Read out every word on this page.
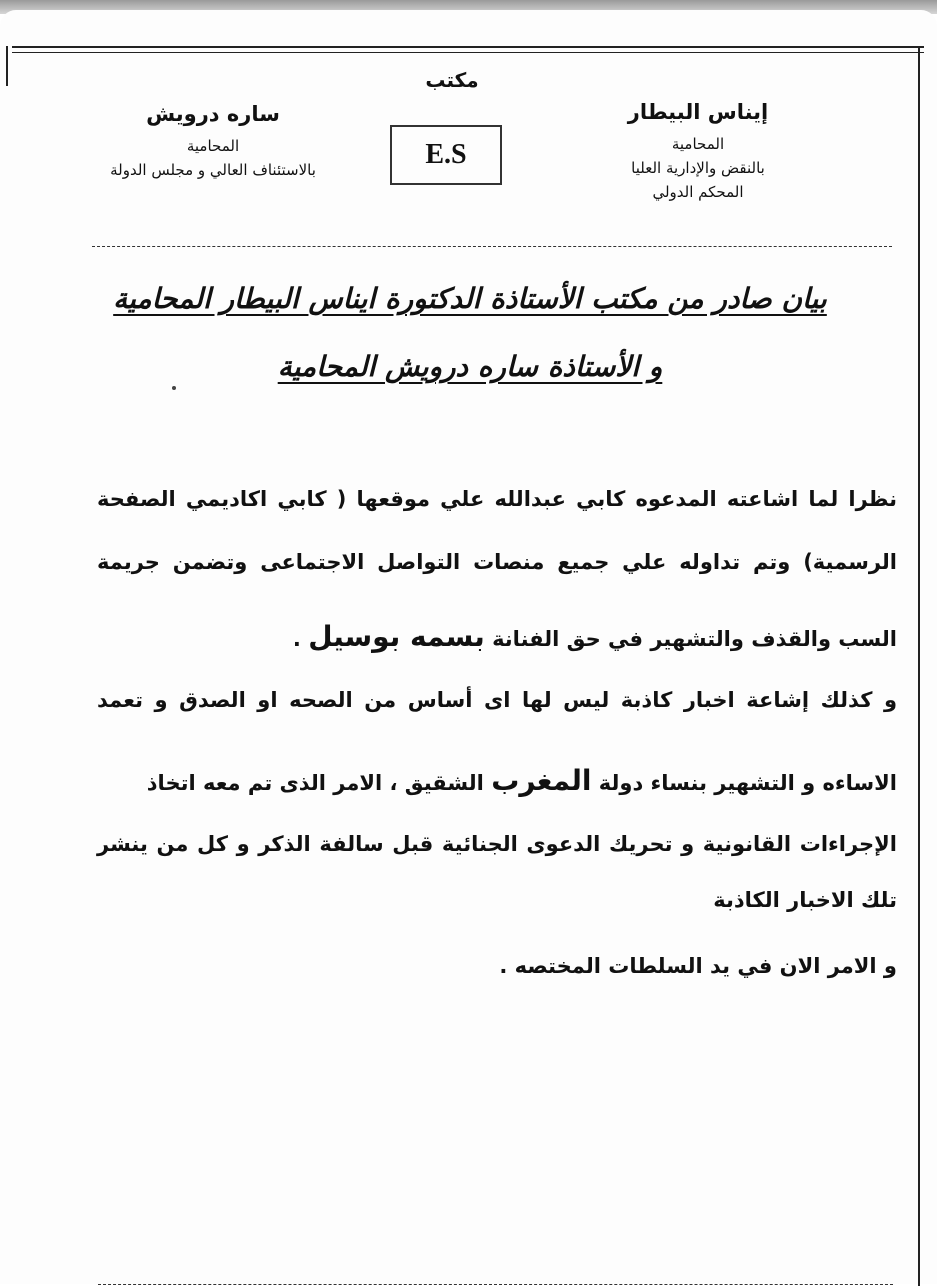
إيناس البيطار
المحامية
بالنقض والإدارية العليا
المحكم الدولي
مكتب
E.S
ساره درويش
المحامية
بالاستئناف العالي و مجلس الدولة
بيان صادر من مكتب الأستاذة الدكتورة ايناس البيطار المحامية
و الأستاذة ساره درويش المحامية
نظرا لما اشاعته المدعوه كابي عبدالله علي موقعها ( كابي اكاديمي الصفحة
الرسمية) وتم تداوله علي جميع منصات التواصل الاجتماعى وتضمن جريمة
السب والقذف والتشهير في حق الفنانة بسمه بوسيل .
و كذلك إشاعة اخبار كاذبة ليس لها اى أساس من الصحه او الصدق و تعمد
الاساءه و التشهير بنساء دولة المغرب الشقيق ، الامر الذى تم معه اتخاذ
الإجراءات القانونية و تحريك الدعوى الجنائية قبل سالفة الذكر و كل من ينشر
تلك الاخبار الكاذبة
و الامر الان في يد السلطات المختصه .
